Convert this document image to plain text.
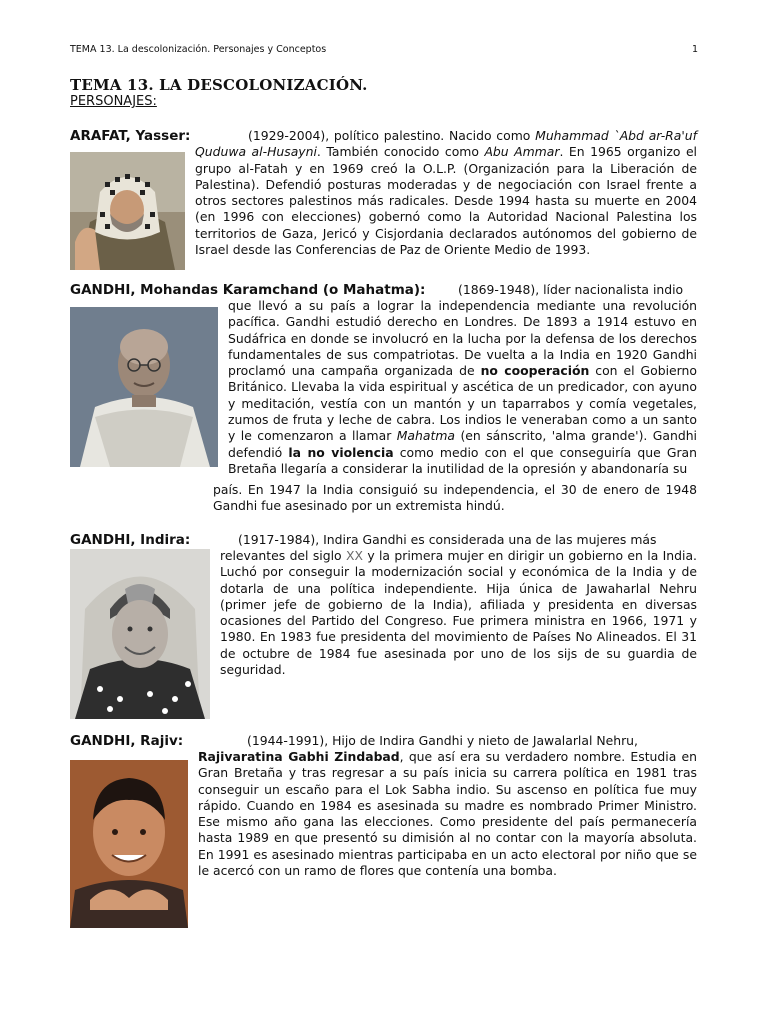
TEMA 13. La descolonización. Personajes y Conceptos	1
TEMA 13. LA DESCOLONIZACIÓN.
PERSONAJES:
ARAFAT, Yasser:	(1929-2004), político palestino. Nacido como Muhammad `Abd ar-Ra'uf Quduwa al-Husayni. También conocido como Abu Ammar. En 1965 organizo el grupo al-Fatah y en 1969 creó la O.L.P. (Organización para la Liberación de Palestina). Defendió posturas moderadas y de negociación con Israel frente a otros sectores palestinos más radicales. Desde 1994 hasta su muerte en 2004 (en 1996 con elecciones) gobernó como la Autoridad Nacional Palestina los territorios de Gaza, Jericó y Cisjordania declarados autónomos del gobierno de Israel desde las Conferencias de Paz de Oriente Medio de 1993.
GANDHI, Mohandas Karamchand (o Mahatma):	(1869-1948), líder nacionalista indio
que llevó a su país a lograr la independencia mediante una revolución pacífica. Gandhi estudió derecho en Londres. De 1893 a 1914 estuvo en Sudáfrica en donde se involucró en la lucha por la defensa de los derechos fundamentales de sus compatriotas. De vuelta a la India en 1920 Gandhi proclamó una campaña organizada de no cooperación con el Gobierno Británico. Llevaba la vida espiritual y ascética de un predicador, con ayuno y meditación, vestía con un mantón y un taparrabos y comía vegetales, zumos de fruta y leche de cabra. Los indios le veneraban como a un santo y le comenzaron a llamar Mahatma (en sánscrito, 'alma grande'). Gandhi defendió la no violencia como medio con el que conseguiría que Gran Bretaña llegaría a considerar la inutilidad de la opresión y abandonaría su
país. En 1947 la India consiguió su independencia, el 30 de enero de 1948 Gandhi fue asesinado por un extremista hindú.
GANDHI, Indira:	(1917-1984), Indira Gandhi es considerada una de las mujeres más
relevantes del siglo XX y la primera mujer en dirigir un gobierno en la India. Luchó por conseguir la modernización social y económica de la India y de dotarla de una política independiente. Hija única de Jawaharlal Nehru (primer jefe de gobierno de la India), afiliada y presidenta en diversas ocasiones del Partido del Congreso. Fue primera ministra en 1966, 1971 y 1980. En 1983 fue presidenta del movimiento de Países No Alineados. El 31 de octubre de 1984 fue asesinada por uno de los sijs de su guardia de seguridad.
GANDHI, Rajiv:	(1944-1991), Hijo de Indira Gandhi y nieto de Jawalarlal Nehru,
Rajivaratina Gabhi Zindabad, que así era su verdadero nombre. Estudia en Gran Bretaña y tras regresar a su país inicia su carrera política en 1981 tras conseguir un escaño para el Lok Sabha indio. Su ascenso en política fue muy rápido. Cuando en 1984 es asesinada su madre es nombrado Primer Ministro. Ese mismo año gana las elecciones. Como presidente del país permanecería hasta 1989 en que presentó su dimisión al no contar con la mayoría absoluta. En 1991 es asesinado mientras participaba en un acto electoral por niño que se le acercó con un ramo de flores que contenía una bomba.
